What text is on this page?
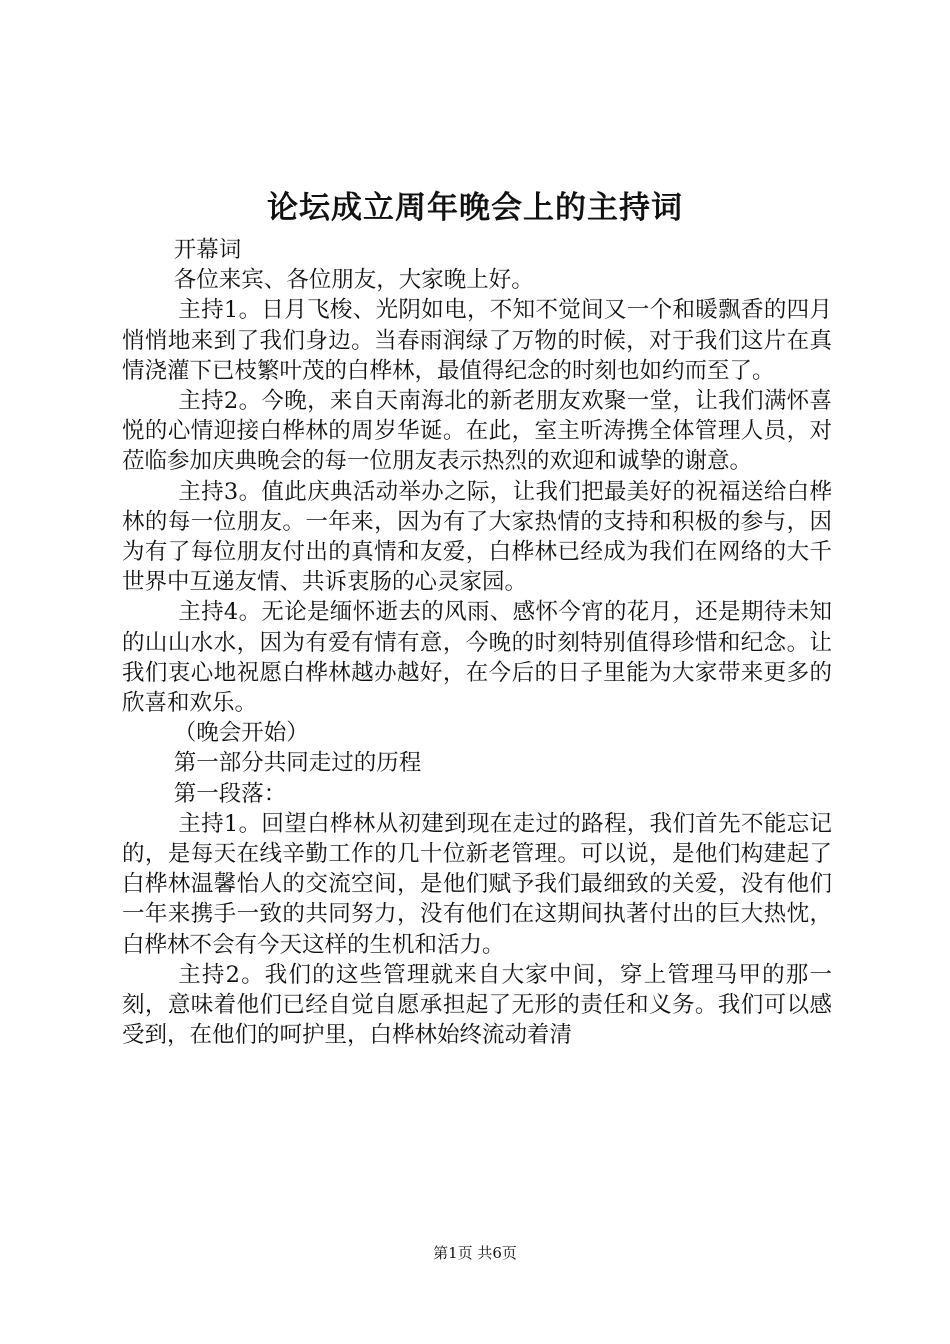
论坛成立周年晚会上的主持词

开幕词

各位来宾、各位朋友，大家晚上好。

主持1。日月飞梭、光阴如电，不知不觉间又一个和暖飘香的四月悄悄地来到了我们身边。当春雨润绿了万物的时候，对于我们这片在真情浇灌下已枝繁叶茂的白桦林，最值得纪念的时刻也如约而至了。

主持2。今晚，来自天南海北的新老朋友欢聚一堂，让我们满怀喜悦的心情迎接白桦林的周岁华诞。在此，室主听涛携全体管理人员，对莅临参加庆典晚会的每一位朋友表示热烈的欢迎和诚挚的谢意。

主持3。值此庆典活动举办之际，让我们把最美好的祝福送给白桦林的每一位朋友。一年来，因为有了大家热情的支持和积极的参与，因为有了每位朋友付出的真情和友爱，白桦林已经成为我们在网络的大千世界中互递友情、共诉衷肠的心灵家园。

主持4。无论是缅怀逝去的风雨、感怀今宵的花月，还是期待未知的山山水水，因为有爱有情有意，今晚的时刻特别值得珍惜和纪念。让我们衷心地祝愿白桦林越办越好，在今后的日子里能为大家带来更多的欣喜和欢乐。

（晚会开始）

第一部分共同走过的历程

第一段落：

主持1。回望白桦林从初建到现在走过的路程，我们首先不能忘记的，是每天在线辛勤工作的几十位新老管理。可以说，是他们构建起了白桦林温馨怡人的交流空间，是他们赋予我们最细致的关爱，没有他们一年来携手一致的共同努力，没有他们在这期间执著付出的巨大热忱，白桦林不会有今天这样的生机和活力。

主持2。我们的这些管理就来自大家中间，穿上管理马甲的那一刻，意味着他们已经自觉自愿承担起了无形的责任和义务。我们可以感受到，在他们的呵护里，白桦林始终流动着清

第1页 共6页
